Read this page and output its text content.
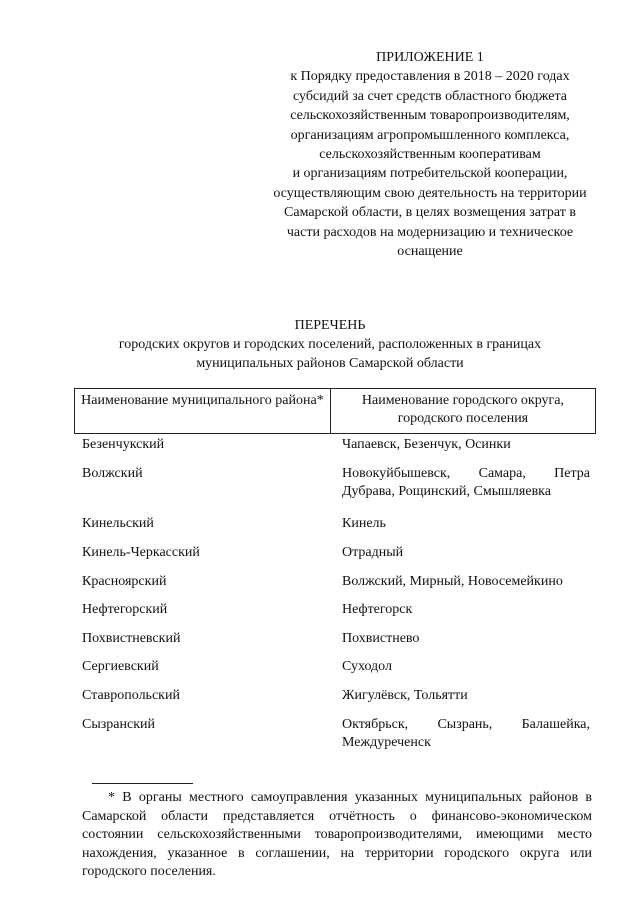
ПРИЛОЖЕНИЕ 1
к Порядку предоставления в 2018 – 2020 годах
субсидий за счет средств областного бюджета
сельскохозяйственным товаропроизводителям,
организациям агропромышленного комплекса,
сельскохозяйственным кооперативам
и организациям потребительской кооперации,
осуществляющим свою деятельность на территории
Самарской области, в целях возмещения затрат в
части расходов на модернизацию и техническое
оснащение
ПЕРЕЧЕНЬ
городских округов и городских поселений, расположенных в границах
муниципальных районов Самарской области
Наименование муниципального района*	Наименование городского округа, городского поселения
Безенчукский	Чапаевск, Безенчук, Осинки
Волжский	Новокуйбышевск, Самара, Петра Дубрава, Рощинский, Смышляевка
Кинельский	Кинель
Кинель-Черкасский	Отрадный
Красноярский	Волжский, Мирный, Новосемейкино
Нефтегорский	Нефтегорск
Похвистневский	Похвистнево
Сергиевский	Суходол
Ставропольский	Жигулёвск, Тольятти
Сызранский	Октябрьск, Сызрань, Балашейка, Междуреченск
* В органы местного самоуправления указанных муниципальных районов в Самарской области представляется отчётность о финансово-экономическом состоянии сельскохозяйственными товаропроизводителями, имеющими место нахождения, указанное в соглашении, на территории городского округа или городского поселения.
